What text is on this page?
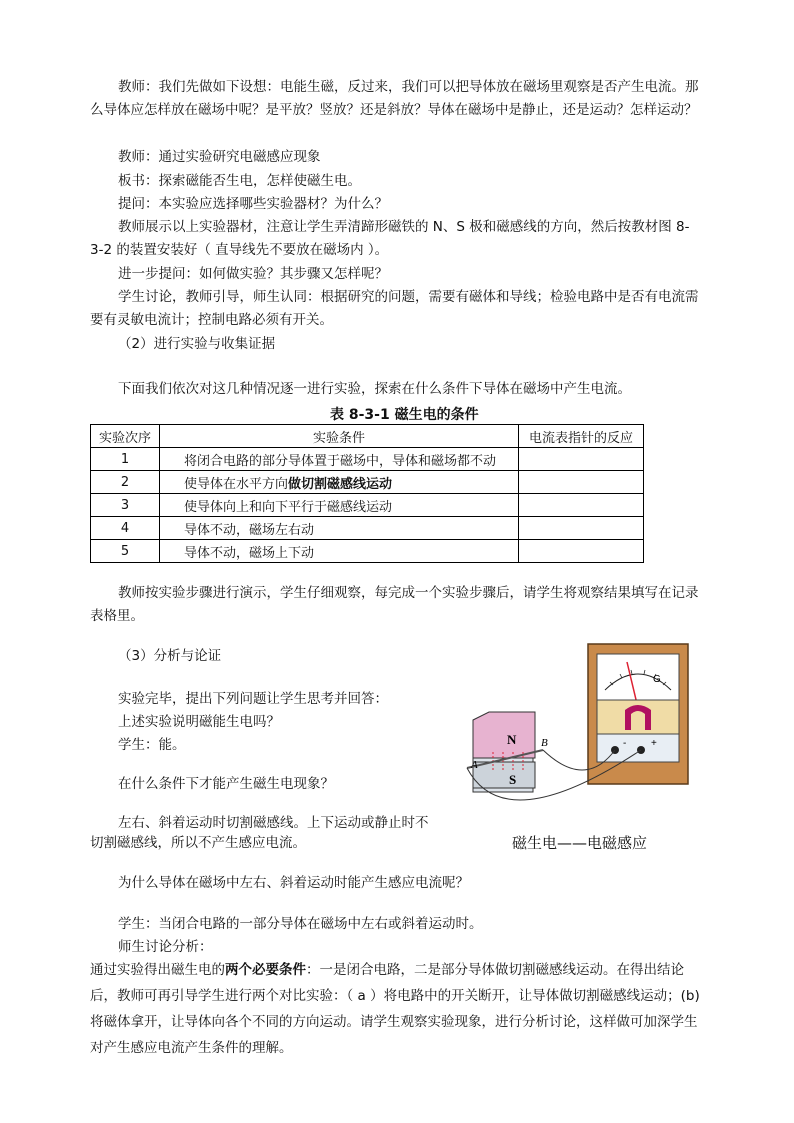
教师：我们先做如下设想：电能生磁，反过来，我们可以把导体放在磁场里观察是否产生电流。那么导体应怎样放在磁场中呢？是平放？竖放？还是斜放？导体在磁场中是静止，还是运动？怎样运动？
教师：通过实验研究电磁感应现象
板书：探索磁能否生电，怎样使磁生电。
提问：本实验应选择哪些实验器材？为什么？
教师展示以上实验器材，注意让学生弄清蹄形磁铁的 N、S 极和磁感线的方向，然后按教材图 8-3-2 的装置安装好（ 直导线先不要放在磁场内 ）。
进一步提问：如何做实验？其步骤又怎样呢？
学生讨论，教师引导，师生认同：根据研究的问题，需要有磁体和导线；检验电路中是否有电流需要有灵敏电流计；控制电路必须有开关。
（2）进行实验与收集证据
下面我们依次对这几种情况逐一进行实验，探索在什么条件下导体在磁场中产生电流。
表 8-3-1 磁生电的条件
实验次序	实验条件	电流表指针的反应
1	将闭合电路的部分导体置于磁场中，导体和磁场都不动	
2	使导体在水平方向做切割磁感线运动	
3	使导体向上和向下平行于磁感线运动	
4	导体不动，磁场左右动	
5	导体不动，磁场上下动	
教师按实验步骤进行演示，学生仔细观察，每完成一个实验步骤后，请学生将观察结果填写在记录表格里。
（3）分析与论证
实验完毕，提出下列问题让学生思考并回答：
上述实验说明磁能生电吗？
学生：能。
在什么条件下才能产生磁生电现象？
左右、斜着运动时切割磁感线。上下运动或静止时不
切割磁感线，所以不产生感应电流。
G
- +
N
S
A
B
磁生电——电磁感应
为什么导体在磁场中左右、斜着运动时能产生感应电流呢？
学生：当闭合电路的一部分导体在磁场中左右或斜着运动时。
师生讨论分析：
通过实验得出磁生电的两个必要条件：一是闭合电路，二是部分导体做切割磁感线运动。在得出结论后，教师可再引导学生进行两个对比实验：（ a ）将电路中的开关断开，让导体做切割磁感线运动；(b) 将磁体拿开，让导体向各个不同的方向运动。请学生观察实验现象，进行分析讨论，这样做可加深学生对产生感应电流产生条件的理解。
